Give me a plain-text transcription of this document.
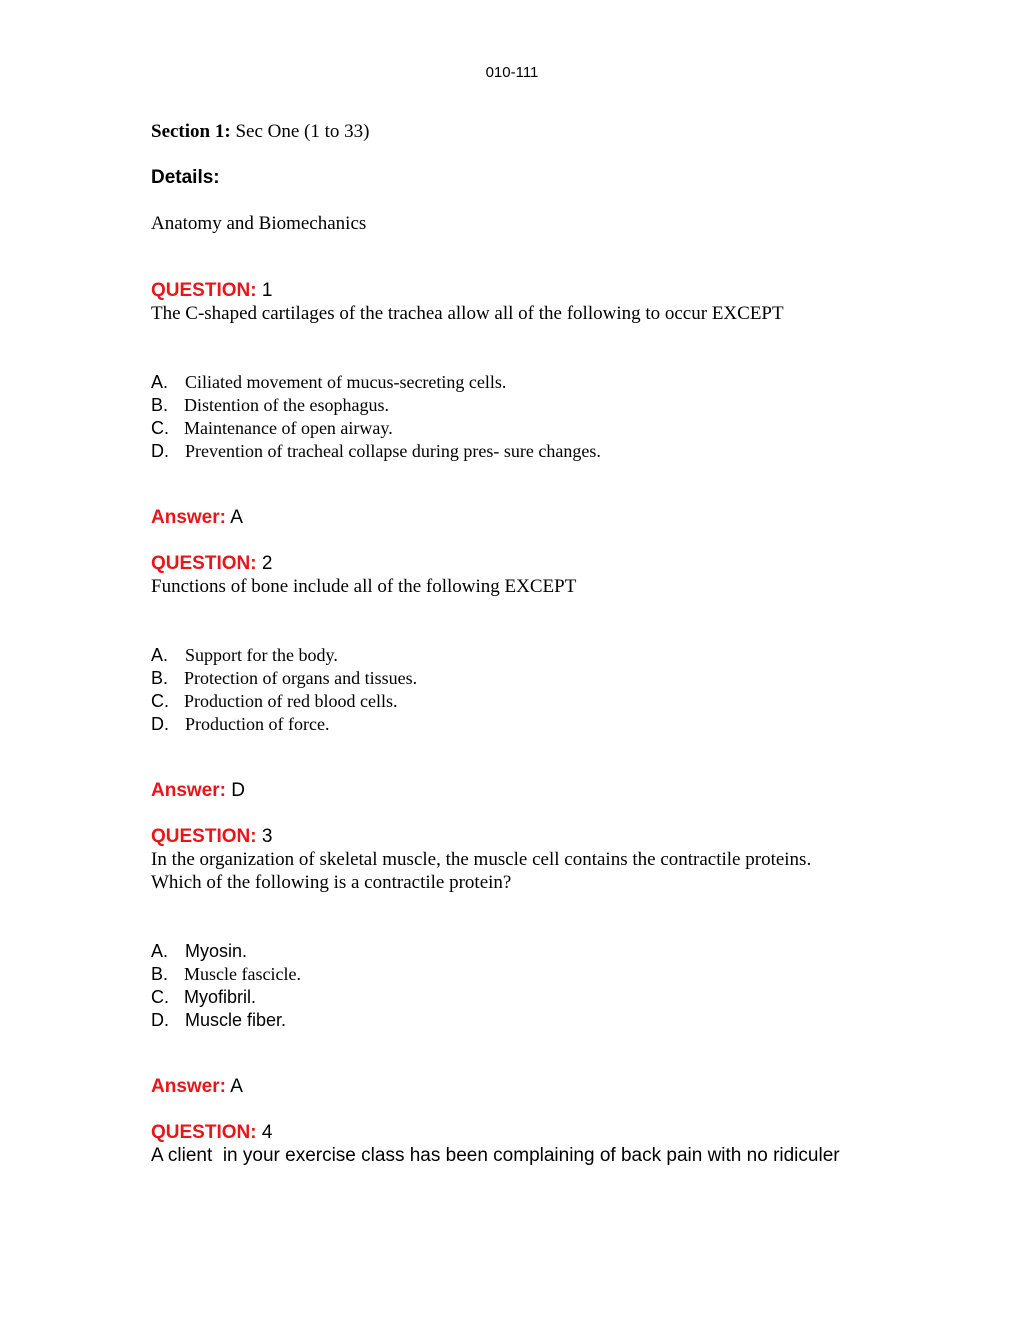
010-111

Section 1: Sec One (1 to 33)

Details:

Anatomy and Biomechanics

QUESTION: 1

The C-shaped cartilages of the trachea allow all of the following to occur EXCEPT

A. Ciliated movement of mucus-secreting cells.
B. Distention of the esophagus.
C. Maintenance of open airway.
D. Prevention of tracheal collapse during pres- sure changes.

Answer: A

QUESTION: 2

Functions of bone include all of the following EXCEPT

A. Support for the body.
B. Protection of organs and tissues.
C. Production of red blood cells.
D. Production of force.

Answer: D

QUESTION: 3

In the organization of skeletal muscle, the muscle cell contains the contractile proteins.

Which of the following is a contractile protein?

A. Myosin.
B. Muscle fascicle.
C. Myofibril.
D. Muscle fiber.

Answer: A

QUESTION: 4

A client  in your exercise class has been complaining of back pain with no ridiculer
